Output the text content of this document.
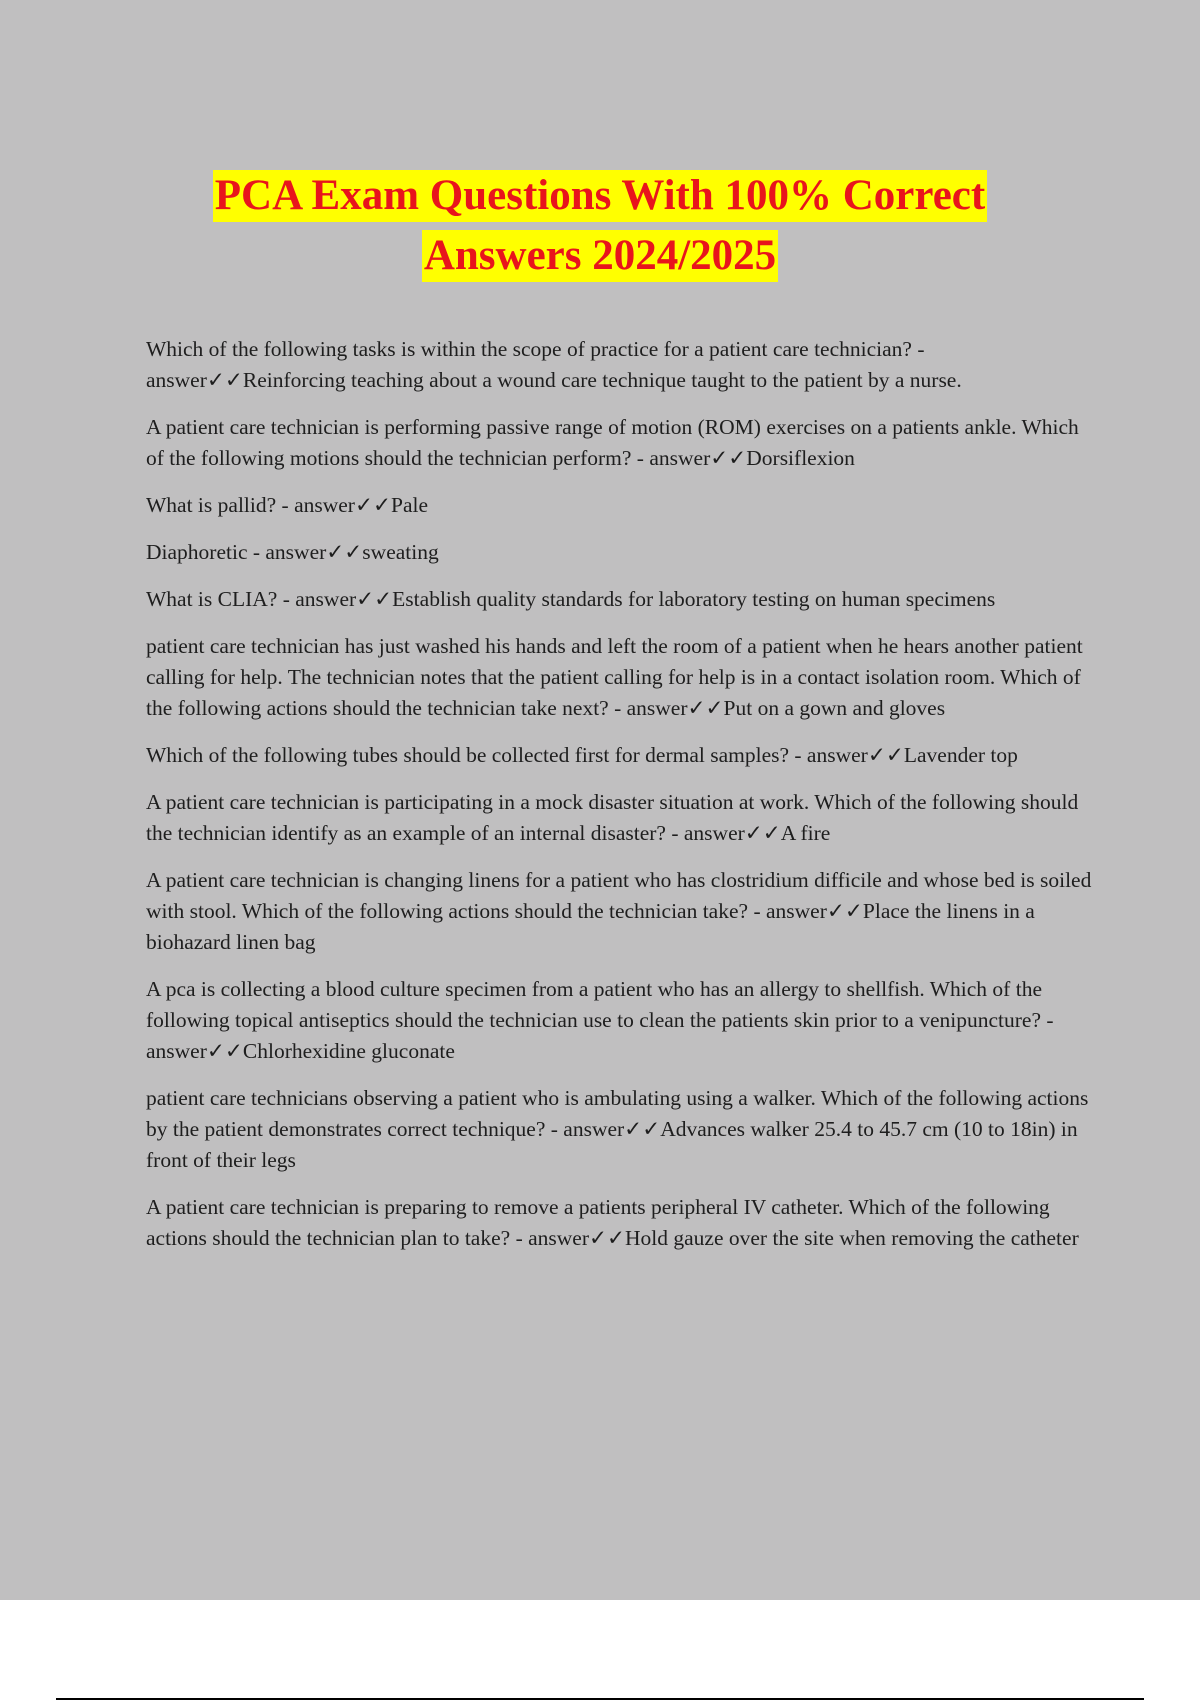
PCA Exam Questions With 100% Correct
Answers 2024/2025

Which of the following tasks is within the scope of practice for a patient care technician? - answer✓✓Reinforcing teaching about a wound care technique taught to the patient by a nurse.

A patient care technician is performing passive range of motion (ROM) exercises on a patients ankle. Which of the following motions should the technician perform? - answer✓✓Dorsiflexion

What is pallid? - answer✓✓Pale

Diaphoretic - answer✓✓sweating

What is CLIA? - answer✓✓Establish quality standards for laboratory testing on human specimens

patient care technician has just washed his hands and left the room of a patient when he hears another patient calling for help. The technician notes that the patient calling for help is in a contact isolation room. Which of the following actions should the technician take next? - answer✓✓Put on a gown and gloves

Which of the following tubes should be collected first for dermal samples? - answer✓✓Lavender top

A patient care technician is participating in a mock disaster situation at work. Which of the following should the technician identify as an example of an internal disaster? - answer✓✓A fire

A patient care technician is changing linens for a patient who has clostridium difficile and whose bed is soiled with stool. Which of the following actions should the technician take? - answer✓✓Place the linens in a biohazard linen bag

A pca is collecting a blood culture specimen from a patient who has an allergy to shellfish. Which of the following topical antiseptics should the technician use to clean the patients skin prior to a venipuncture? - answer✓✓Chlorhexidine gluconate

patient care technicians observing a patient who is ambulating using a walker. Which of the following actions by the patient demonstrates correct technique? - answer✓✓Advances walker 25.4 to 45.7 cm (10 to 18in) in front of their legs

A patient care technician is preparing to remove a patients peripheral IV catheter. Which of the following actions should the technician plan to take? - answer✓✓Hold gauze over the site when removing the catheter
